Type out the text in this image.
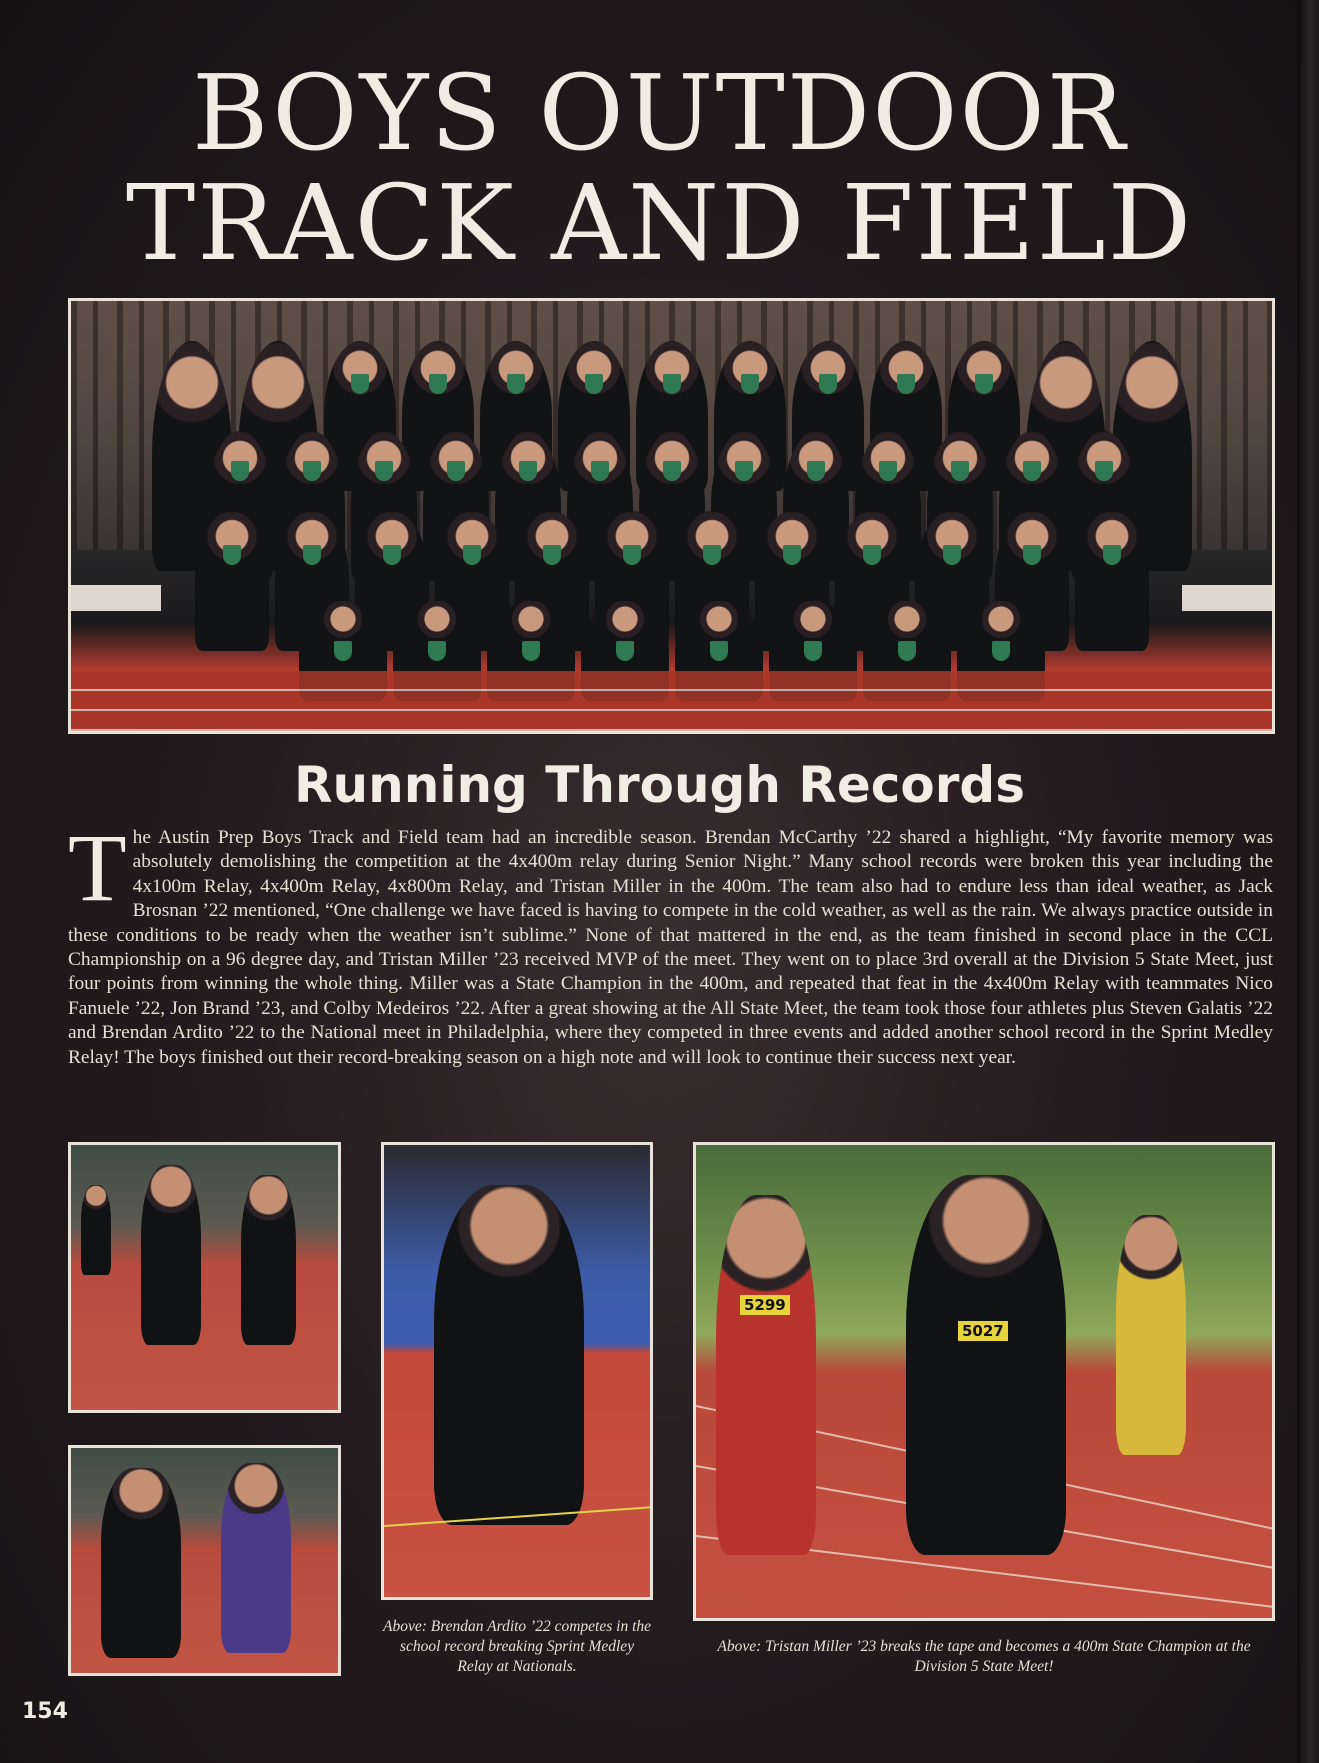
BOYS OUTDOOR
TRACK AND FIELD
Running Through Records

The Austin Prep Boys Track and Field team had an incredible season. Brendan McCarthy ’22 shared a highlight, “My favorite memory was absolutely demolishing the competition at the 4x400m relay during Senior Night.” Many school records were broken this year including the 4x100m Relay, 4x400m Relay, 4x800m Relay, and Tristan Miller in the 400m. The team also had to endure less than ideal weather, as Jack Brosnan ’22 mentioned, “One challenge we have faced is having to compete in the cold weather, as well as the rain. We always practice outside in these conditions to be ready when the weather isn’t sublime.” None of that mattered in the end, as the team finished in second place in the CCL Championship on a 96 degree day, and Tristan Miller ’23 received MVP of the meet. They went on to place 3rd overall at the Division 5 State Meet, just four points from winning the whole thing. Miller was a State Champion in the 400m, and repeated that feat in the 4x400m Relay with teammates Nico Fanuele ’22, Jon Brand ’23, and Colby Medeiros ’22. After a great showing at the All State Meet, the team took those four athletes plus Steven Galatis ’22 and Brendan Ardito ’22 to the National meet in Philadelphia, where they competed in three events and added another school record in the Sprint Medley Relay! The boys finished out their record-breaking season on a high note and will look to continue their success next year.

5299
5027

Above: Brendan Ardito ’22 competes in the school record breaking Sprint Medley Relay at Nationals.

Above: Tristan Miller ’23 breaks the tape and becomes a 400m State Champion at the Division 5 State Meet!

154
